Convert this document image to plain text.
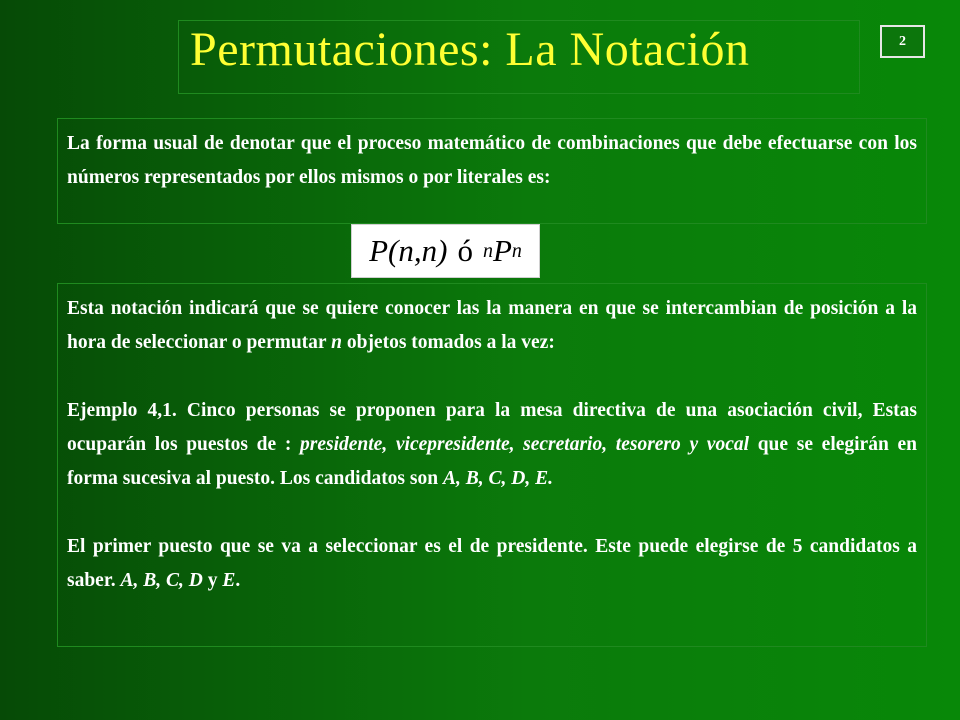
Permutaciones: La Notación	2

La forma usual de denotar que el proceso matemático de combinaciones que debe efectuarse con los números representados por ellos mismos o por literales es:

P(n,n) ó n P n

Esta notación indicará que se quiere conocer las la manera en que se intercambian de posición a la hora de seleccionar o permutar n objetos tomados a la vez:

Ejemplo 4,1. Cinco personas se proponen para la mesa directiva de una asociación civil, Estas ocuparán los puestos de : presidente, vicepresidente, secretario, tesorero y vocal que se elegirán en forma sucesiva al puesto. Los candidatos son A, B, C, D, E.

El primer puesto que se va a seleccionar es el de presidente. Este puede elegirse de 5 candidatos a saber. A, B, C, D y E.
